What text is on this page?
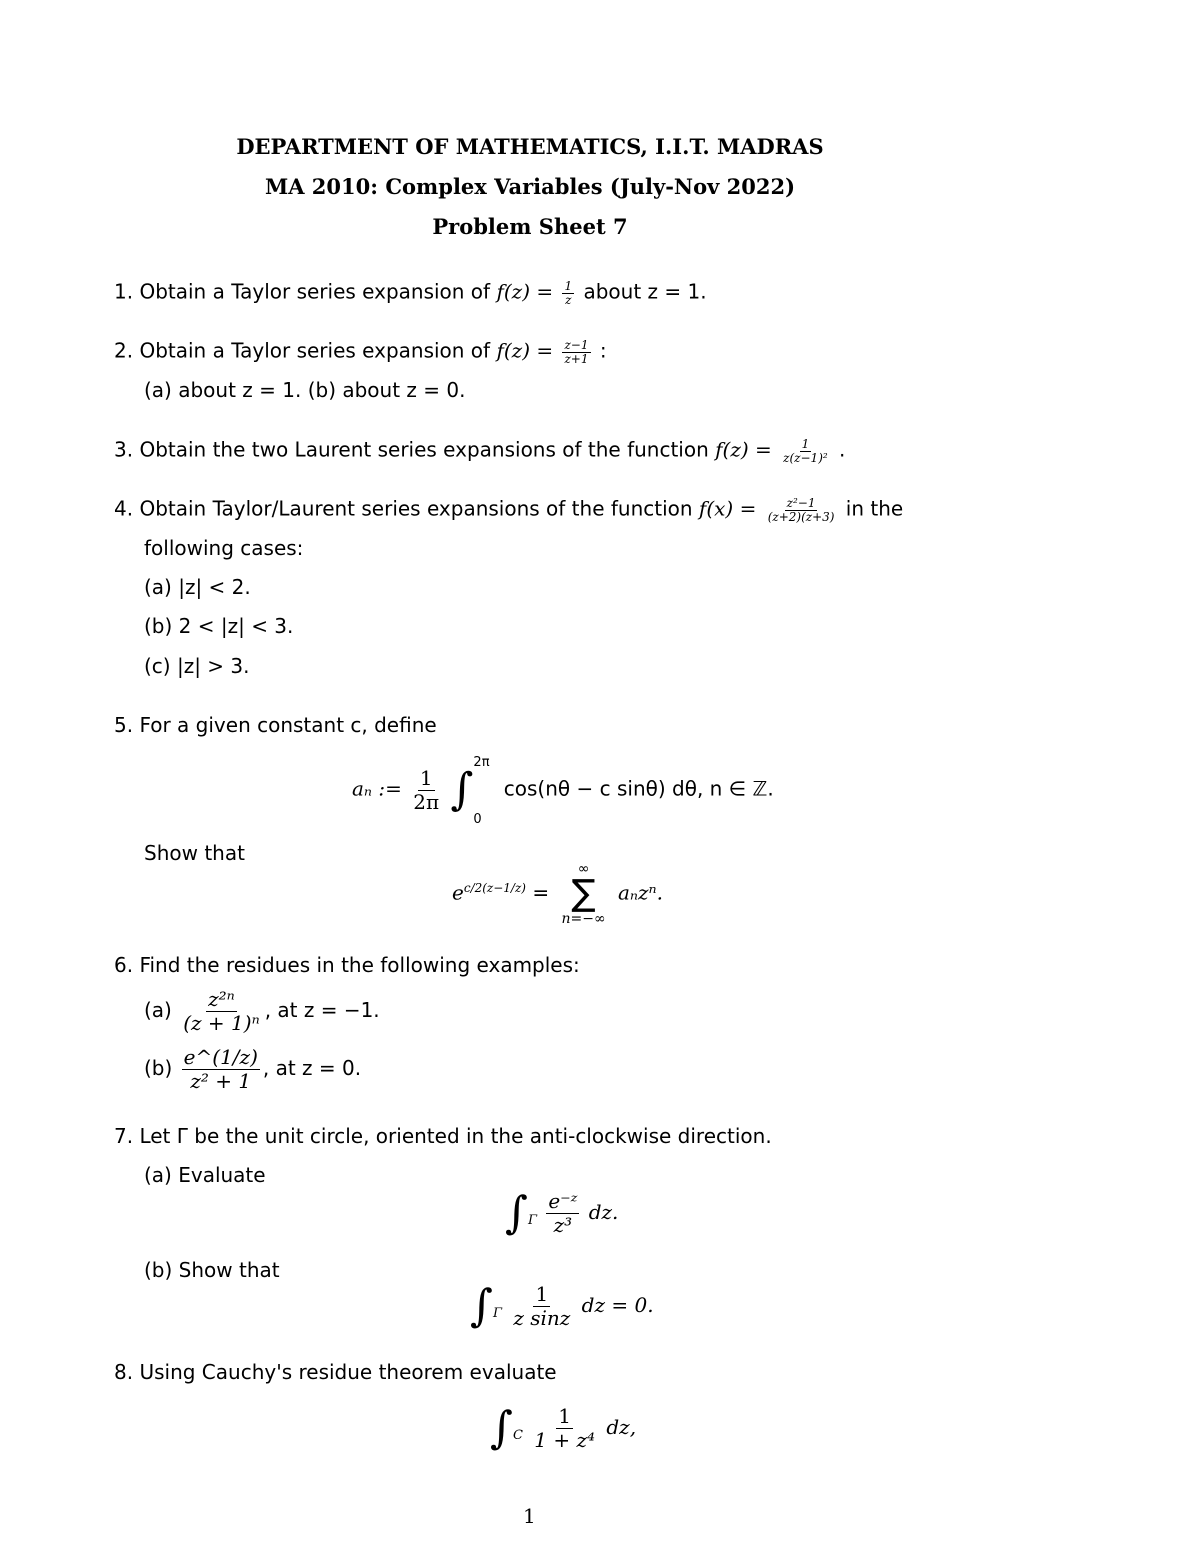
DEPARTMENT OF MATHEMATICS, I.I.T. MADRAS
MA 2010: Complex Variables (July-Nov 2022)
Problem Sheet 7
1. Obtain a Taylor series expansion of $f(z) = \frac{1}{z}$ about z = 1.
2. Obtain a Taylor series expansion of $f(z) = \frac{z-1}{z+1}$ :
(a) about z = 1. (b) about z = 0.
3. Obtain the two Laurent series expansions of the function $f(z) = \frac{1}{\text{z(z−1)²}}$ .
4. Obtain Taylor/Laurent series expansions of the function $f(x) = \frac{\text{z²−1}}{(z+2)(z+3)}$ in the
following cases:
(a) |z| < 2.
(b) 2 < |z| < 3.
(c) |z| > 3.
5. For a given constant c, define
aₙ := $\frac{1}{2\pi}$ ∫
2π
0
cos(nθ − c sinθ) dθ, n ∈ ℤ.
Show that
$e^{c/2(z-1/z)}$ =
∞
∑
n=−∞
aₙzⁿ.
6. Find the residues in the following examples:
$(a) \frac{\text{z²ⁿ}}{\text{(z + 1)ⁿ}}$ , at z = −1.
$(b) \frac{e\^{}(1/z)}{\text{z² + 1}}$ , at z = 0.
7. Let Γ be the unit circle, oriented in the anti-clockwise direction.
(a) Evaluate
$\int_\Gamma \frac{\text{e⁻ᶻ}}{\text{z³}}$ dz.
(b) Show that
$\int_\Gamma \frac{1}{\text{z sinz}}$ dz = 0.
8. Using Cauchy's residue theorem evaluate
$\int_C \frac{1}{\text{1 + z⁴}}$ dz,
1
